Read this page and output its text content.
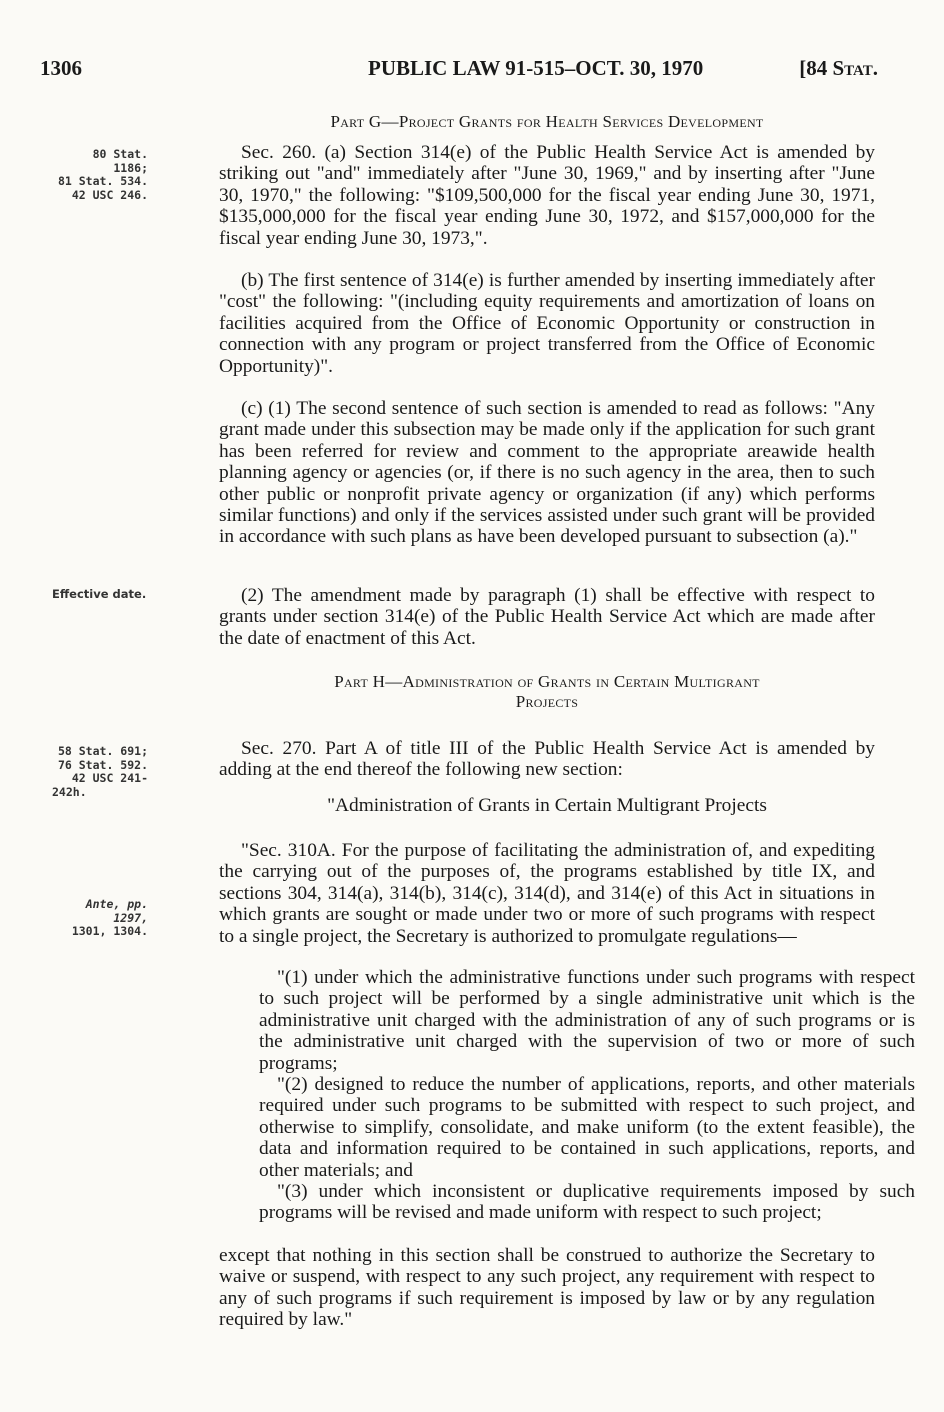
1306	PUBLIC LAW 91-515–OCT. 30, 1970	[84 Stat.
Part G—Project Grants for Health Services Development
80 Stat. 1186;
81 Stat. 534.
42 USC 246.
Sec. 260. (a) Section 314(e) of the Public Health Service Act is amended by striking out "and" immediately after "June 30, 1969," and by inserting after "June 30, 1970," the following: "$109,500,000 for the fiscal year ending June 30, 1971, $135,000,000 for the fiscal year ending June 30, 1972, and $157,000,000 for the fiscal year ending June 30, 1973,".
(b) The first sentence of 314(e) is further amended by inserting immediately after "cost" the following: "(including equity requirements and amortization of loans on facilities acquired from the Office of Economic Opportunity or construction in connection with any program or project transferred from the Office of Economic Opportunity)".
(c) (1) The second sentence of such section is amended to read as follows: "Any grant made under this subsection may be made only if the application for such grant has been referred for review and comment to the appropriate areawide health planning agency or agencies (or, if there is no such agency in the area, then to such other public or nonprofit private agency or organization (if any) which performs similar functions) and only if the services assisted under such grant will be provided in accordance with such plans as have been developed pursuant to subsection (a)."
Effective date.	(2) The amendment made by paragraph (1) shall be effective with respect to grants under section 314(e) of the Public Health Service Act which are made after the date of enactment of this Act.
Part H—Administration of Grants in Certain Multigrant
Projects
58 Stat. 691;
76 Stat. 592.
42 USC 241-
242h.
Sec. 270. Part A of title III of the Public Health Service Act is amended by adding at the end thereof the following new section:
"Administration of Grants in Certain Multigrant Projects
Ante, pp. 1297,
1301, 1304.
"Sec. 310A. For the purpose of facilitating the administration of, and expediting the carrying out of the purposes of, the programs established by title IX, and sections 304, 314(a), 314(b), 314(c), 314(d), and 314(e) of this Act in situations in which grants are sought or made under two or more of such programs with respect to a single project, the Secretary is authorized to promulgate regulations—
"(1) under which the administrative functions under such programs with respect to such project will be performed by a single administrative unit which is the administrative unit charged with the administration of any of such programs or is the administrative unit charged with the supervision of two or more of such programs;
"(2) designed to reduce the number of applications, reports, and other materials required under such programs to be submitted with respect to such project, and otherwise to simplify, consolidate, and make uniform (to the extent feasible), the data and information required to be contained in such applications, reports, and other materials; and
"(3) under which inconsistent or duplicative requirements imposed by such programs will be revised and made uniform with respect to such project;
except that nothing in this section shall be construed to authorize the Secretary to waive or suspend, with respect to any such project, any requirement with respect to any of such programs if such requirement is imposed by law or by any regulation required by law."
